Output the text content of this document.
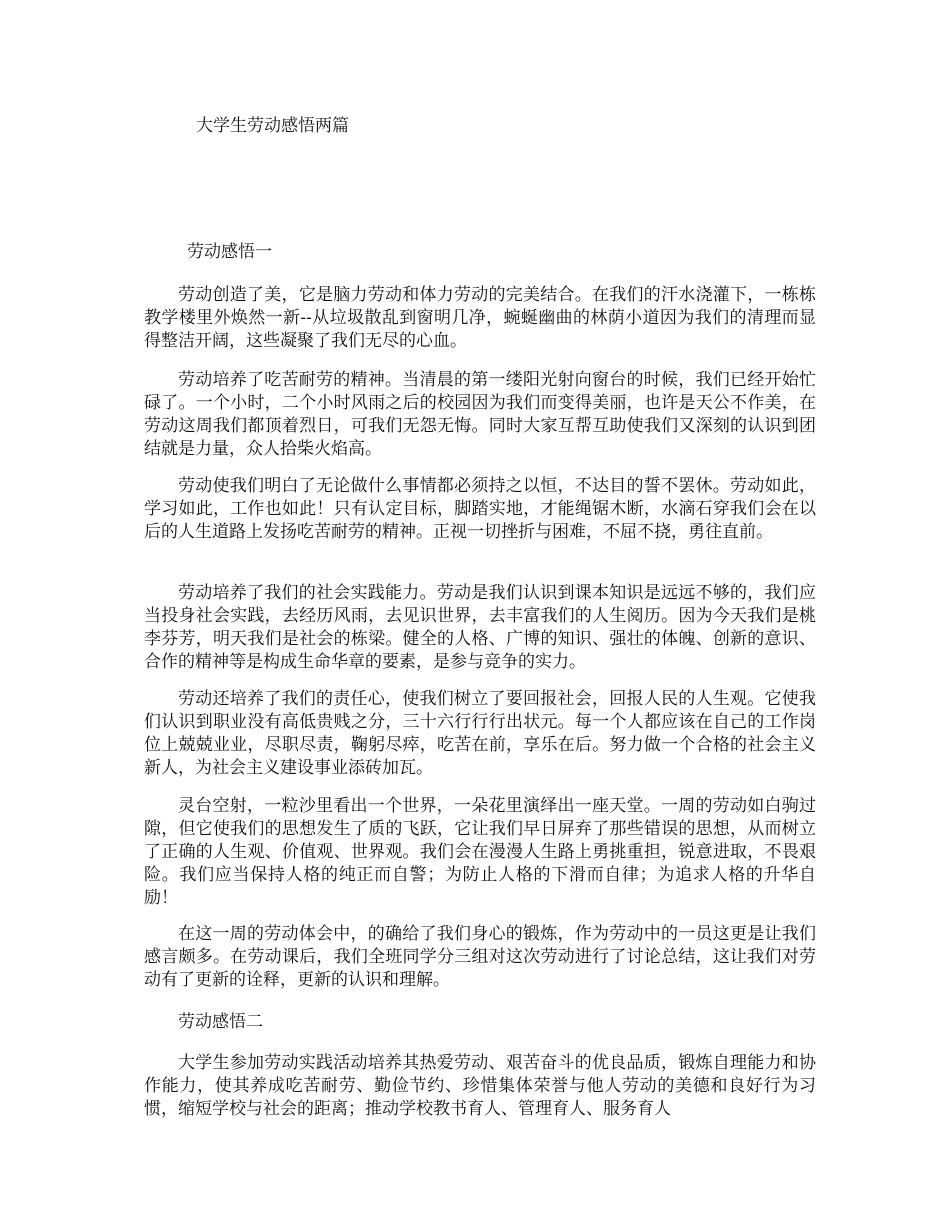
大学生劳动感悟两篇
劳动感悟一

劳动创造了美，它是脑力劳动和体力劳动的完美结合。在我们的汗水浇灌下，一栋栋教学楼里外焕然一新--从垃圾散乱到窗明几净，蜿蜒幽曲的林荫小道因为我们的清理而显得整洁开阔，这些凝聚了我们无尽的心血。

劳动培养了吃苦耐劳的精神。当清晨的第一缕阳光射向窗台的时候，我们已经开始忙碌了。一个小时，二个小时风雨之后的校园因为我们而变得美丽，也许是天公不作美，在劳动这周我们都顶着烈日，可我们无怨无悔。同时大家互帮互助使我们又深刻的认识到团结就是力量，众人拾柴火焰高。

劳动使我们明白了无论做什么事情都必须持之以恒，不达目的誓不罢休。劳动如此，学习如此，工作也如此！只有认定目标，脚踏实地，才能绳锯木断，水滴石穿我们会在以后的人生道路上发扬吃苦耐劳的精神。正视一切挫折与困难，不屈不挠，勇往直前。

劳动培养了我们的社会实践能力。劳动是我们认识到课本知识是远远不够的，我们应当投身社会实践，去经历风雨，去见识世界，去丰富我们的人生阅历。因为今天我们是桃李芬芳，明天我们是社会的栋梁。健全的人格、广博的知识、强壮的体魄、创新的意识、合作的精神等是构成生命华章的要素，是参与竞争的实力。

劳动还培养了我们的责任心，使我们树立了要回报社会，回报人民的人生观。它使我们认识到职业没有高低贵贱之分，三十六行行行出状元。每一个人都应该在自己的工作岗位上兢兢业业，尽职尽责，鞠躬尽瘁，吃苦在前，享乐在后。努力做一个合格的社会主义新人，为社会主义建设事业添砖加瓦。

灵台空射，一粒沙里看出一个世界，一朵花里演绎出一座天堂。一周的劳动如白驹过隙，但它使我们的思想发生了质的飞跃，它让我们早日屏弃了那些错误的思想，从而树立了正确的人生观、价值观、世界观。我们会在漫漫人生路上勇挑重担，锐意进取，不畏艰险。我们应当保持人格的纯正而自警；为防止人格的下滑而自律；为追求人格的升华自励！

在这一周的劳动体会中，的确给了我们身心的锻炼，作为劳动中的一员这更是让我们感言颇多。在劳动课后，我们全班同学分三组对这次劳动进行了讨论总结，这让我们对劳动有了更新的诠释，更新的认识和理解。

劳动感悟二

大学生参加劳动实践活动培养其热爱劳动、艰苦奋斗的优良品质，锻炼自理能力和协作能力，使其养成吃苦耐劳、勤俭节约、珍惜集体荣誉与他人劳动的美德和良好行为习惯，缩短学校与社会的距离；推动学校教书育人、管理育人、服务育人
